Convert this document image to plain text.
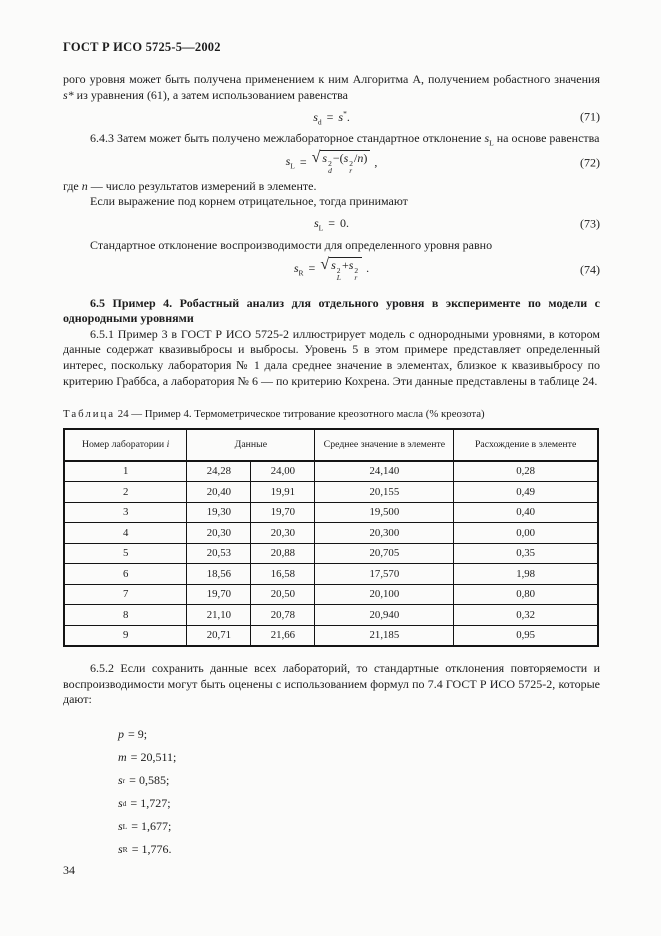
ГОСТ Р ИСО 5725-5—2002

рого уровня может быть получена применением к ним Алгоритма А, получением робастного значения s* из уравнения (61), а затем использованием равенства

$s_d = s^*$.	(71)

6.4.3 Затем может быть получено межлабораторное стандартное отклонение $s_L$ на основе равенства

$s_L$ = √ s 2
d
−(s 2
r
/n) ,	(72)

где n — число результатов измерений в элементе.

Если выражение под корнем отрицательное, тогда принимают

$s_L = 0$.	(73)

Стандартное отклонение воспроизводимости для определенного уровня равно

$s_R$ = √ s 2
L
+s 2
r
.	(74)

6.5 Пример 4. Робастный анализ для отдельного уровня в эксперименте по модели с однородными уровнями

6.5.1 Пример 3 в ГОСТ Р ИСО 5725-2 иллюстрирует модель с однородными уровнями, в котором данные содержат квазивыбросы и выбросы. Уровень 5 в этом примере представляет определенный интерес, поскольку лаборатория № 1 дала среднее значение в элементах, близкое к квазивыбросу по критерию Граббса, а лаборатория № 6 — по критерию Кохрена. Эти данные представлены в таблице 24.

Таблица 24 — Пример 4. Термометрическое титрование креозотного масла (% креозота)

Номер лаборатории i	Данные		Среднее значение в элементе	Расхождение в элементе
1	24,28	24,00	24,140	0,28
2	20,40	19,91	20,155	0,49
3	19,30	19,70	19,500	0,40
4	20,30	20,30	20,300	0,00
5	20,53	20,88	20,705	0,35
6	18,56	16,58	17,570	1,98
7	19,70	20,50	20,100	0,80
8	21,10	20,78	20,940	0,32
9	20,71	21,66	21,185	0,95

6.5.2 Если сохранить данные всех лабораторий, то стандартные отклонения повторяемости и воспроизводимости могут быть оценены с использованием формул по 7.4 ГОСТ Р ИСО 5725-2, которые дают:

p = 9;
m = 20,511;
s r = 0,585;
s d = 1,727;
s L = 1,677;
s R = 1,776.
34
